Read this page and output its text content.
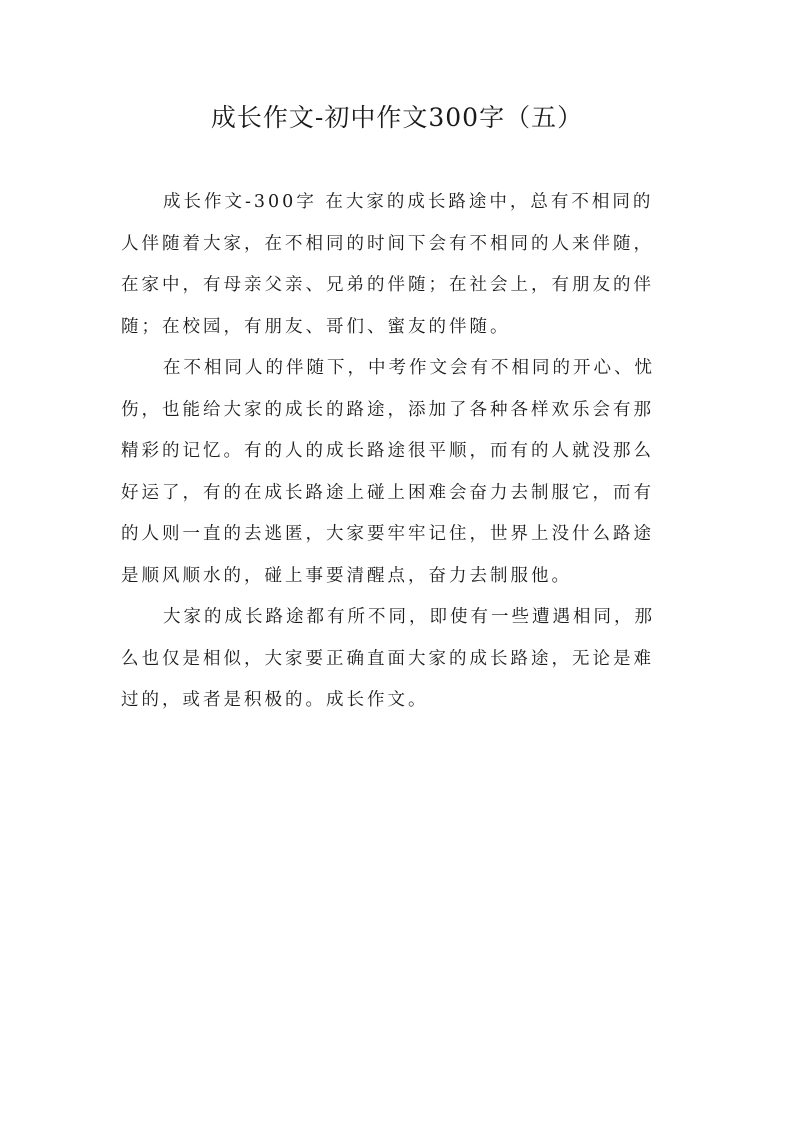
成长作文-初中作文300字（五）
成长作文-300字 在大家的成长路途中，总有不相同的
人伴随着大家，在不相同的时间下会有不相同的人来伴随，
在家中，有母亲父亲、兄弟的伴随；在社会上，有朋友的伴
随；在校园，有朋友、哥们、蜜友的伴随。
在不相同人的伴随下，中考作文会有不相同的开心、忧
伤，也能给大家的成长的路途，添加了各种各样欢乐会有那
精彩的记忆。有的人的成长路途很平顺，而有的人就没那么
好运了，有的在成长路途上碰上困难会奋力去制服它，而有
的人则一直的去逃匿，大家要牢牢记住，世界上没什么路途
是顺风顺水的，碰上事要清醒点，奋力去制服他。
大家的成长路途都有所不同，即使有一些遭遇相同，那
么也仅是相似，大家要正确直面大家的成长路途，无论是难
过的，或者是积极的。成长作文。
